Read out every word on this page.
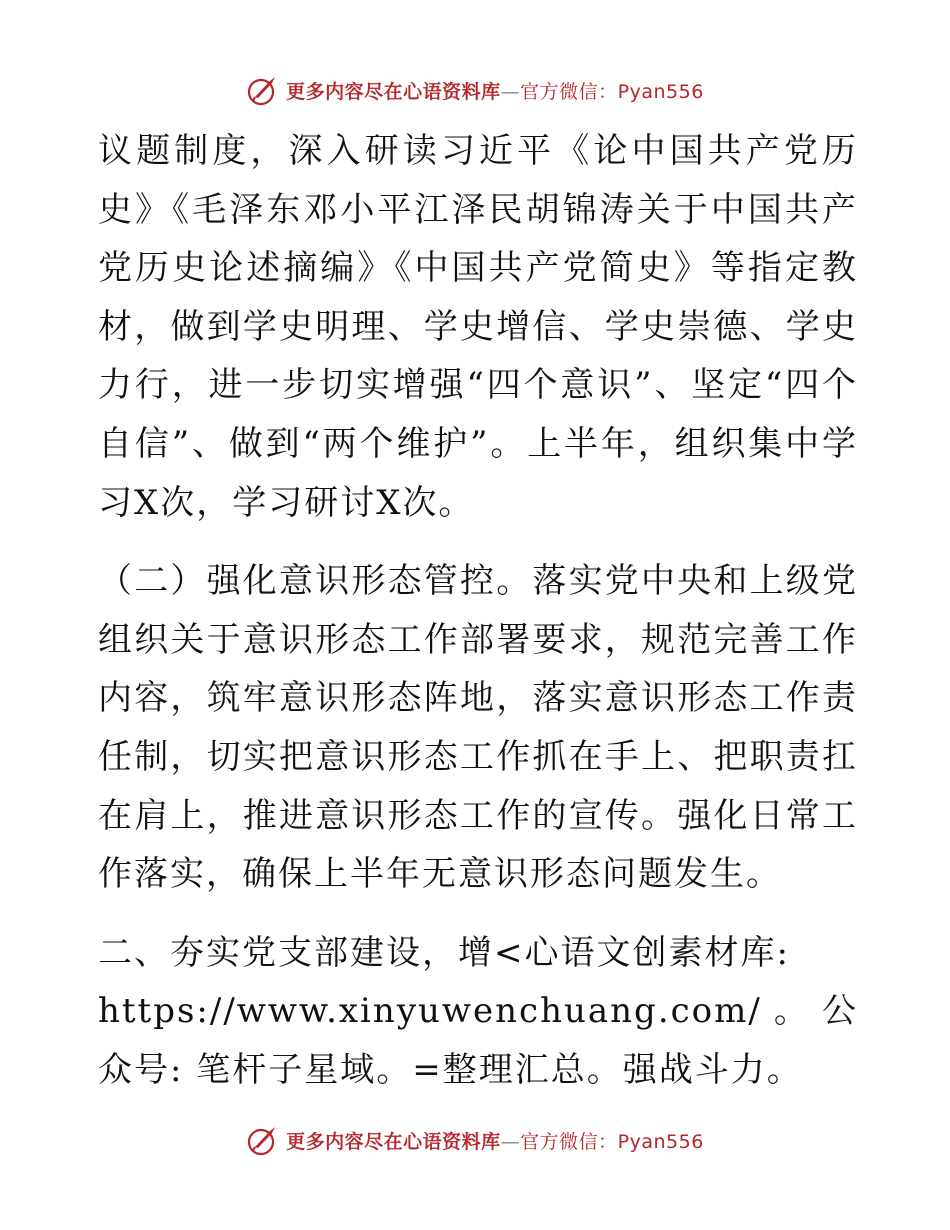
更多内容尽在心语资料库—官方微信：Pyan556

议题制度，深入研读习近平《论中国共产党历史》《毛泽东邓小平江泽民胡锦涛关于中国共产党历史论述摘编》《中国共产党简史》等指定教材，做到学史明理、学史增信、学史崇德、学史力行，进一步切实增强“四个意识”、坚定“四个自信”、做到“两个维护”。上半年，组织集中学习X次，学习研讨X次。

（二）强化意识形态管控。落实党中央和上级党组织关于意识形态工作部署要求，规范完善工作内容，筑牢意识形态阵地，落实意识形态工作责任制，切实把意识形态工作抓在手上、把职责扛在肩上，推进意识形态工作的宣传。强化日常工作落实，确保上半年无意识形态问题发生。

二、夯实党支部建设，增<心语文创素材库:

https://www.xinyuwenchuang.com/。公众号: 笔杆子星域。=整理汇总。强战斗力。

更多内容尽在心语资料库—官方微信：Pyan556
